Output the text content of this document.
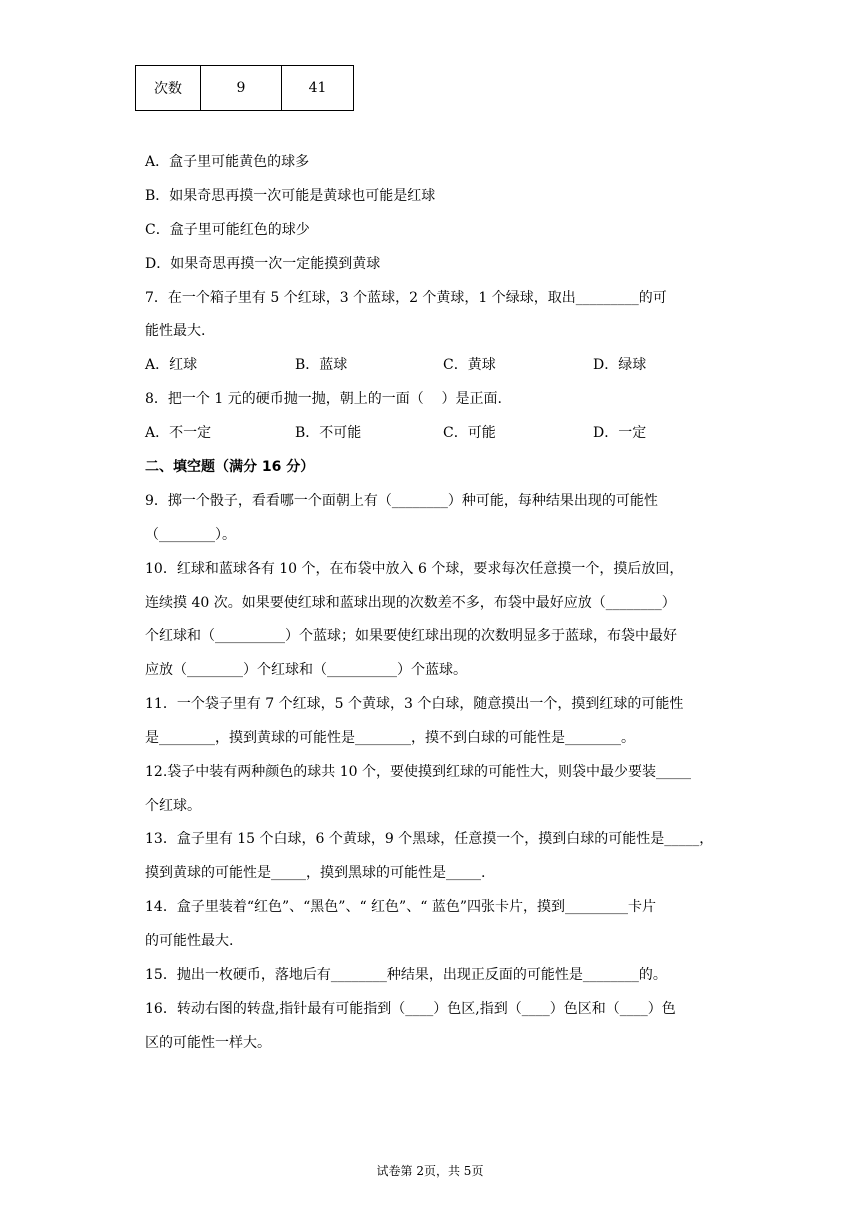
次数	9	41
A．盒子里可能黄色的球多
B．如果奇思再摸一次可能是黄球也可能是红球
C．盒子里可能红色的球少
D．如果奇思再摸一次一定能摸到黄球
7．在一个箱子里有 5 个红球，3 个蓝球，2 个黄球，1 个绿球，取出_________的可
能性最大.
A．红球	B．蓝球	C．黄球	D．绿球
8．把一个 1 元的硬币抛一抛，朝上的一面（    ）是正面.
A．不一定	B．不可能	C．可能	D．一定
二、填空题（满分 16 分）
9．掷一个骰子，看看哪一个面朝上有（________）种可能，每种结果出现的可能性
（________）。
10．红球和蓝球各有 10 个，在布袋中放入 6 个球，要求每次任意摸一个，摸后放回，
连续摸 40 次。如果要使红球和蓝球出现的次数差不多，布袋中最好应放（________）
个红球和（__________）个蓝球；如果要使红球出现的次数明显多于蓝球，布袋中最好
应放（________）个红球和（__________）个蓝球。
11．一个袋子里有 7 个红球，5 个黄球，3 个白球，随意摸出一个，摸到红球的可能性
是________，摸到黄球的可能性是________，摸不到白球的可能性是________。
12.袋子中装有两种颜色的球共 10 个，要使摸到红球的可能性大，则袋中最少要装_____
个红球。
13．盒子里有 15 个白球，6 个黄球，9 个黑球，任意摸一个，摸到白球的可能性是_____，
摸到黄球的可能性是_____，摸到黑球的可能性是_____.
14．盒子里装着“红色”、“黑色”、“ 红色”、“ 蓝色”四张卡片，摸到_________卡片
的可能性最大.
15．抛出一枚硬币，落地后有________种结果，出现正反面的可能性是________的。
16．转动右图的转盘,指针最有可能指到（____）色区,指到（____）色区和（____）色
区的可能性一样大。
试卷第 2页，共 5页
